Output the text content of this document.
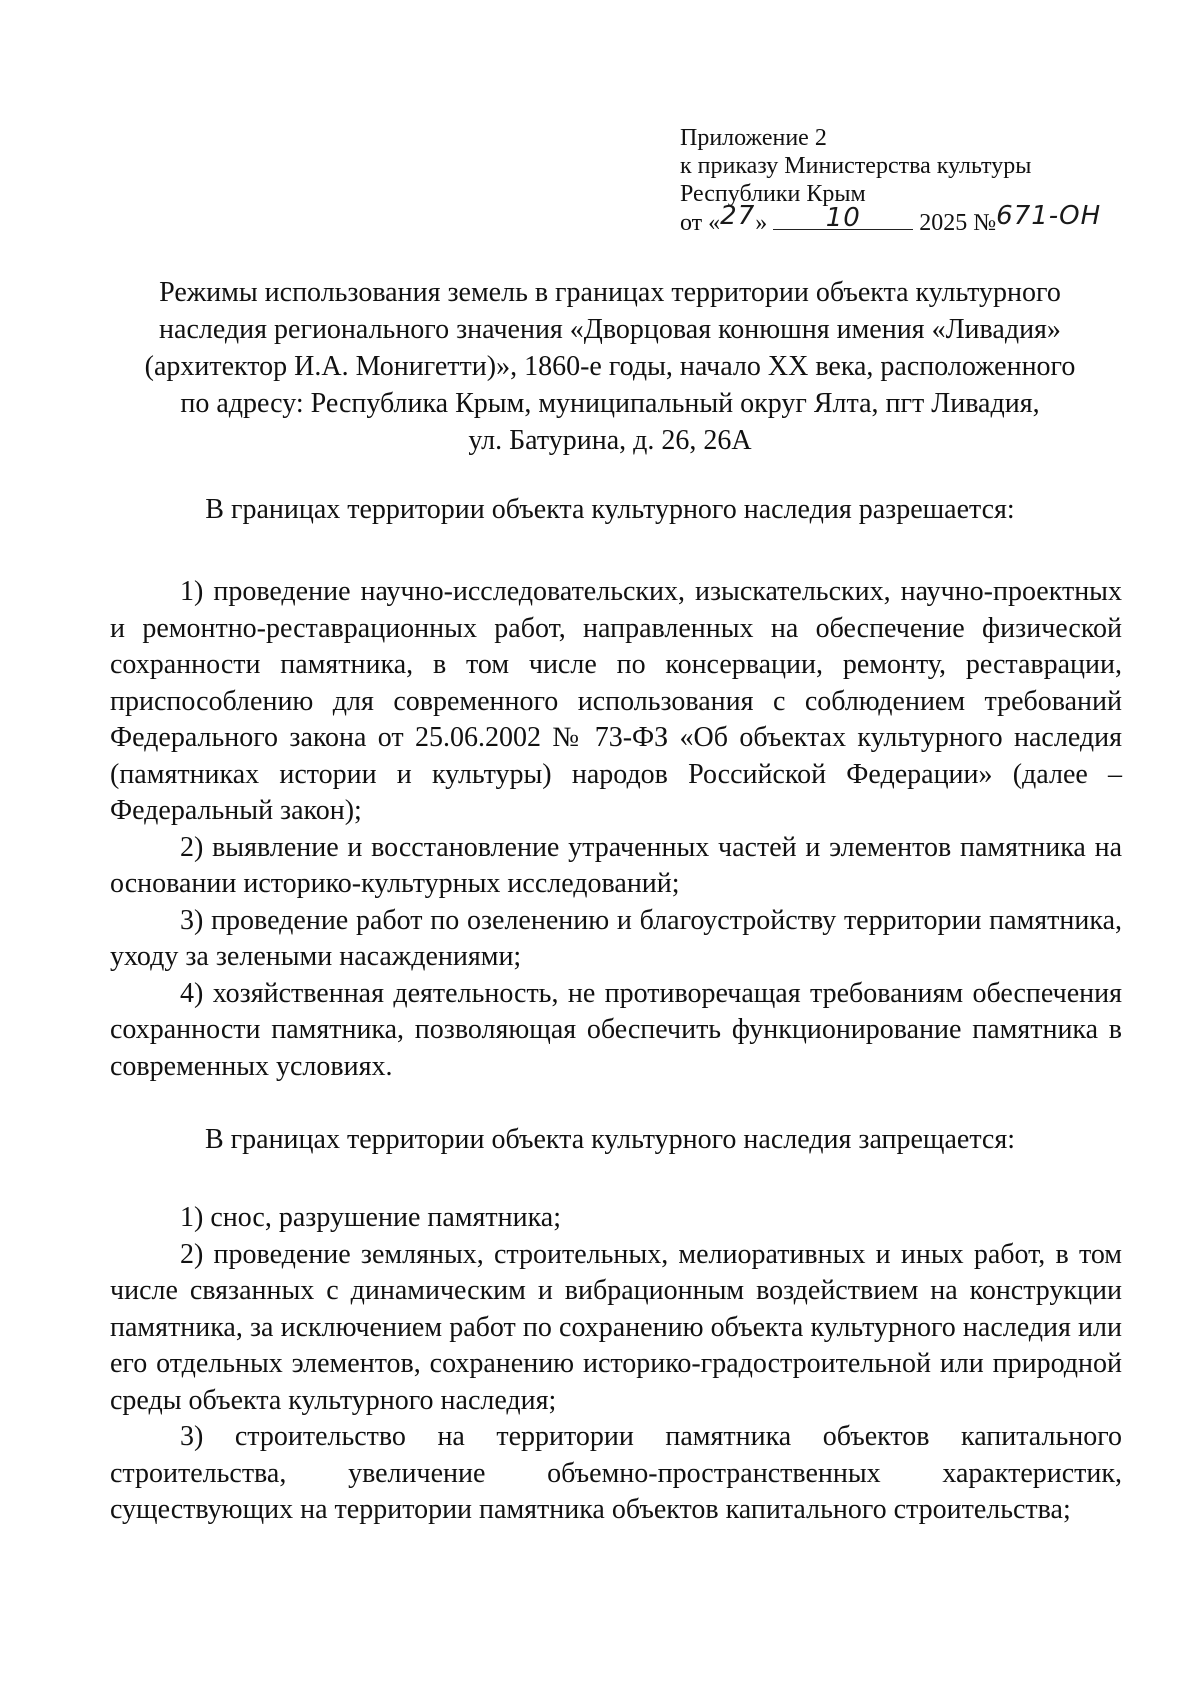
Приложение 2
к приказу Министерства культуры
Республики Крым
от «27» 10 2025 №671-ОН
Режимы использования земель в границах территории объекта культурного
наследия регионального значения «Дворцовая конюшня имения «Ливадия»
(архитектор И.А. Монигетти)», 1860-е годы, начало XX века, расположенного
по адресу: Республика Крым, муниципальный округ Ялта, пгт Ливадия,
ул. Батурина, д. 26, 26А
В границах территории объекта культурного наследия разрешается:

1) проведение научно-исследовательских, изыскательских, научно-проектных и ремонтно-реставрационных работ, направленных на обеспечение физической сохранности памятника, в том числе по консервации, ремонту, реставрации, приспособлению для современного использования с соблюдением требований Федерального закона от 25.06.2002 № 73-ФЗ «Об объектах культурного наследия (памятниках истории и культуры) народов Российской Федерации» (далее – Федеральный закон);

2) выявление и восстановление утраченных частей и элементов памятника на основании историко-культурных исследований;

3) проведение работ по озеленению и благоустройству территории памятника, уходу за зелеными насаждениями;

4) хозяйственная деятельность, не противоречащая требованиям обеспечения сохранности памятника, позволяющая обеспечить функционирование памятника в современных условиях.

В границах территории объекта культурного наследия запрещается:

1) снос, разрушение памятника;

2) проведение земляных, строительных, мелиоративных и иных работ, в том числе связанных с динамическим и вибрационным воздействием на конструкции памятника, за исключением работ по сохранению объекта культурного наследия или его отдельных элементов, сохранению историко-градостроительной или природной среды объекта культурного наследия;

3) строительство на территории памятника объектов капитального строительства, увеличение объемно-пространственных характеристик, существующих на территории памятника объектов капитального строительства;
